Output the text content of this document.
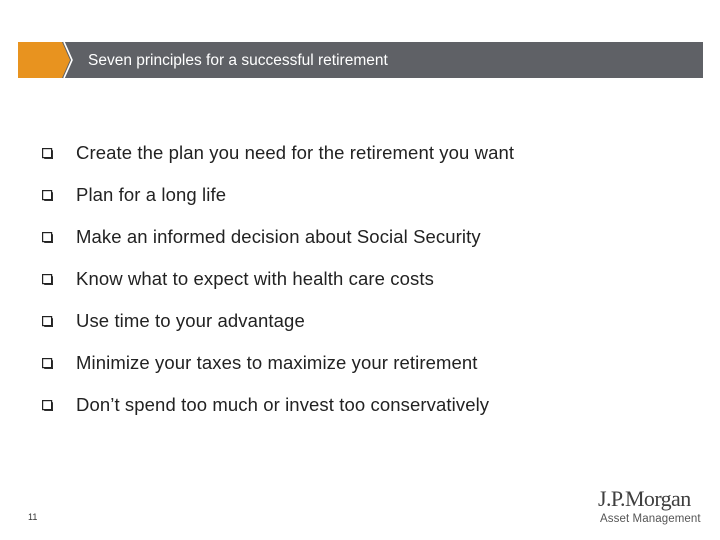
Seven principles for a successful retirement
Create the plan you need for the retirement you want
Plan for a long life
Make an informed decision about Social Security
Know what to expect with health care costs
Use time to your advantage
Minimize your taxes to maximize your retirement
Don’t spend too much or invest too conservatively
11
J.P.Morgan
Asset Management
